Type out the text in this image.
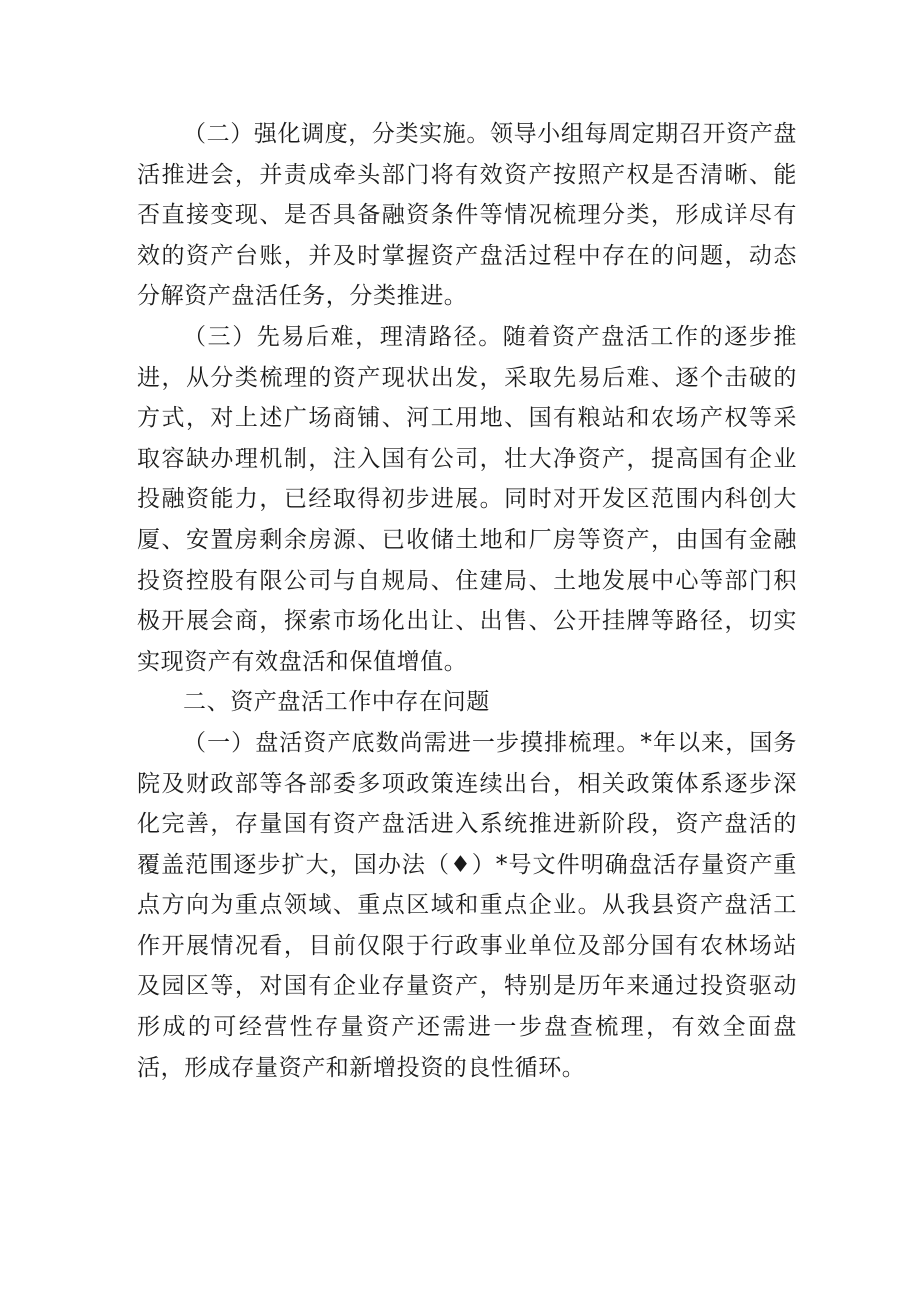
（二）强化调度，分类实施。领导小组每周定期召开资产盘活推进会，并责成牵头部门将有效资产按照产权是否清晰、能否直接变现、是否具备融资条件等情况梳理分类，形成详尽有效的资产台账，并及时掌握资产盘活过程中存在的问题，动态分解资产盘活任务，分类推进。

（三）先易后难，理清路径。随着资产盘活工作的逐步推进，从分类梳理的资产现状出发，采取先易后难、逐个击破的方式，对上述广场商铺、河工用地、国有粮站和农场产权等采取容缺办理机制，注入国有公司，壮大净资产，提高国有企业投融资能力，已经取得初步进展。同时对开发区范围内科创大厦、安置房剩余房源、已收储土地和厂房等资产，由国有金融投资控股有限公司与自规局、住建局、土地发展中心等部门积极开展会商，探索市场化出让、出售、公开挂牌等路径，切实实现资产有效盘活和保值增值。

二、资产盘活工作中存在问题

（一）盘活资产底数尚需进一步摸排梳理。*年以来，国务院及财政部等各部委多项政策连续出台，相关政策体系逐步深化完善，存量国有资产盘活进入系统推进新阶段，资产盘活的覆盖范围逐步扩大，国办法（♦）*号文件明确盘活存量资产重点方向为重点领域、重点区域和重点企业。从我县资产盘活工作开展情况看，目前仅限于行政事业单位及部分国有农林场站及园区等，对国有企业存量资产，特别是历年来通过投资驱动形成的可经营性存量资产还需进一步盘查梳理，有效全面盘活，形成存量资产和新增投资的良性循环。
